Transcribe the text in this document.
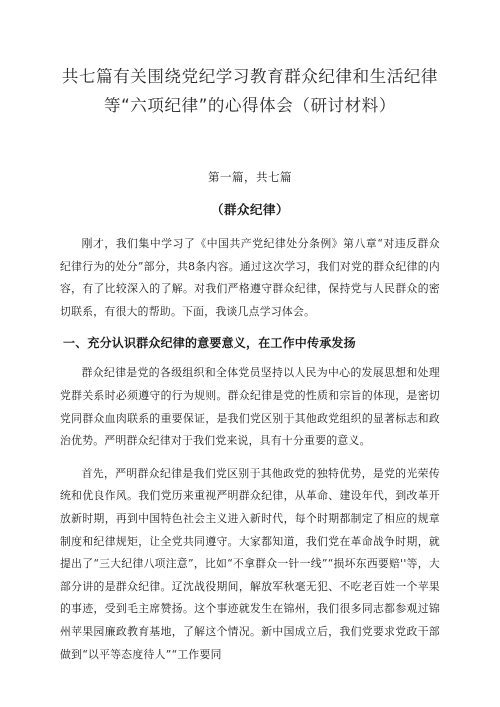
共七篇有关围绕党纪学习教育群众纪律和生活纪律
等“六项纪律”的心得体会（研讨材料）
第一篇，共七篇
（群众纪律）

刚才，我们集中学习了《中国共产党纪律处分条例》第八章“对违反群众纪律行为的处分”部分，共8条内容。通过这次学习，我们对党的群众纪律的内容，有了比较深入的了解。对我们严格遵守群众纪律，保持党与人民群众的密切联系，有很大的帮助。下面，我谈几点学习体会。

一、充分认识群众纪律的意要意义，在工作中传承发扬

群众纪律是党的各级组织和全体党员坚持以人民为中心的发展思想和处理党群关系时必须遵守的行为规则。群众纪律是党的性质和宗旨的体现，是密切党同群众血肉联系的重要保证，是我们党区别于其他政党组织的显著标志和政治优势。严明群众纪律对于我们党来说，具有十分重要的意义。

首先，严明群众纪律是我们党区别于其他政党的独特优势，是党的光荣传统和优良作风。我们党历来重视严明群众纪律，从革命、建设年代，到改革开放新时期，再到中国特色社会主义进入新时代，每个时期都制定了相应的规章制度和纪律规矩，让全党共同遵守。大家都知道，我们党在革命战争时期，就提出了“三大纪律八项注意”，比如“不拿群众一针一线”“损坏东西要赔''等，大部分讲的是群众纪律。辽沈战役期间，解放军秋毫无犯、不吃老百姓一个苹果的事迹，受到毛主席赞扬。这个事迹就发生在锦州，我们很多同志都参观过锦州苹果园廉政教育基地，了解这个情况。新中国成立后，我们党要求党政干部做到“以平等态度待人”“工作要同
